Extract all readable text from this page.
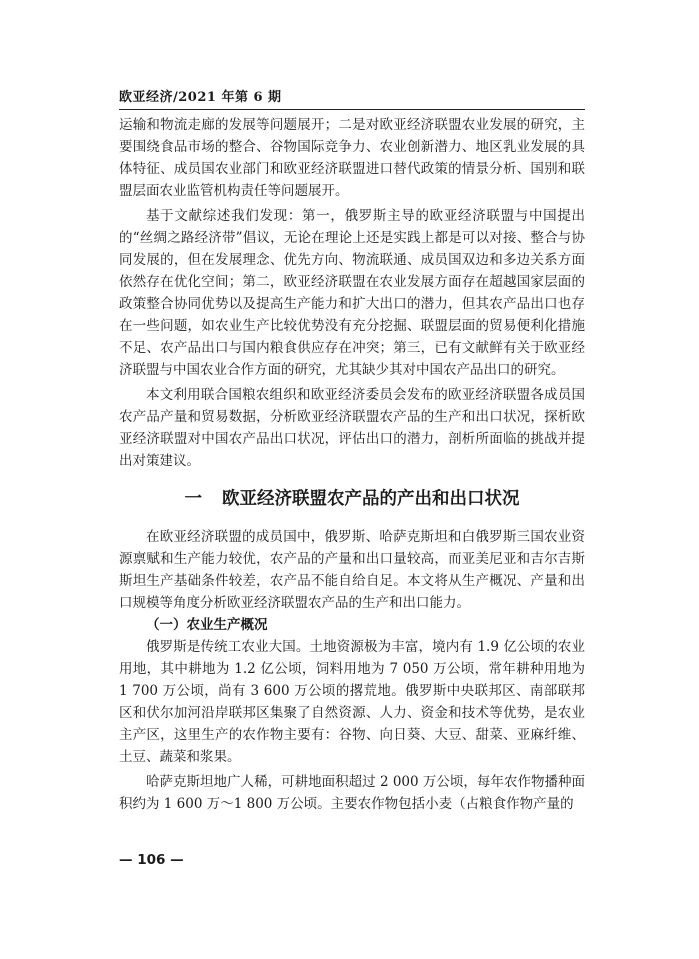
欧亚经济/2021 年第 6 期

运输和物流走廊的发展等问题展开；二是对欧亚经济联盟农业发展的研究，主要围绕食品市场的整合、谷物国际竞争力、农业创新潜力、地区乳业发展的具体特征、成员国农业部门和欧亚经济联盟进口替代政策的情景分析、国别和联盟层面农业监管机构责任等问题展开。

基于文献综述我们发现：第一，俄罗斯主导的欧亚经济联盟与中国提出的“丝绸之路经济带”倡议，无论在理论上还是实践上都是可以对接、整合与协同发展的，但在发展理念、优先方向、物流联通、成员国双边和多边关系方面依然存在优化空间；第二，欧亚经济联盟在农业发展方面存在超越国家层面的政策整合协同优势以及提高生产能力和扩大出口的潜力，但其农产品出口也存在一些问题，如农业生产比较优势没有充分挖掘、联盟层面的贸易便利化措施不足、农产品出口与国内粮食供应存在冲突；第三，已有文献鲜有关于欧亚经济联盟与中国农业合作方面的研究，尤其缺少其对中国农产品出口的研究。

本文利用联合国粮农组织和欧亚经济委员会发布的欧亚经济联盟各成员国农产品产量和贸易数据，分析欧亚经济联盟农产品的生产和出口状况，探析欧亚经济联盟对中国农产品出口状况，评估出口的潜力，剖析所面临的挑战并提出对策建议。

一 欧亚经济联盟农产品的产出和出口状况

在欧亚经济联盟的成员国中，俄罗斯、哈萨克斯坦和白俄罗斯三国农业资源禀赋和生产能力较优，农产品的产量和出口量较高，而亚美尼亚和吉尔吉斯斯坦生产基础条件较差，农产品不能自给自足。本文将从生产概况、产量和出口规模等角度分析欧亚经济联盟农产品的生产和出口能力。

（一）农业生产概况

俄罗斯是传统工农业大国。土地资源极为丰富，境内有 1.9 亿公顷的农业用地，其中耕地为 1.2 亿公顷，饲料用地为 7 050 万公顷，常年耕种用地为 1 700 万公顷，尚有 3 600 万公顷的撂荒地。俄罗斯中央联邦区、南部联邦区和伏尔加河沿岸联邦区集聚了自然资源、人力、资金和技术等优势，是农业主产区，这里生产的农作物主要有：谷物、向日葵、大豆、甜菜、亚麻纤维、土豆、蔬菜和浆果。

哈萨克斯坦地广人稀，可耕地面积超过 2 000 万公顷，每年农作物播种面积约为 1 600 万～1 800 万公顷。主要农作物包括小麦（占粮食作物产量的

— 106 —
